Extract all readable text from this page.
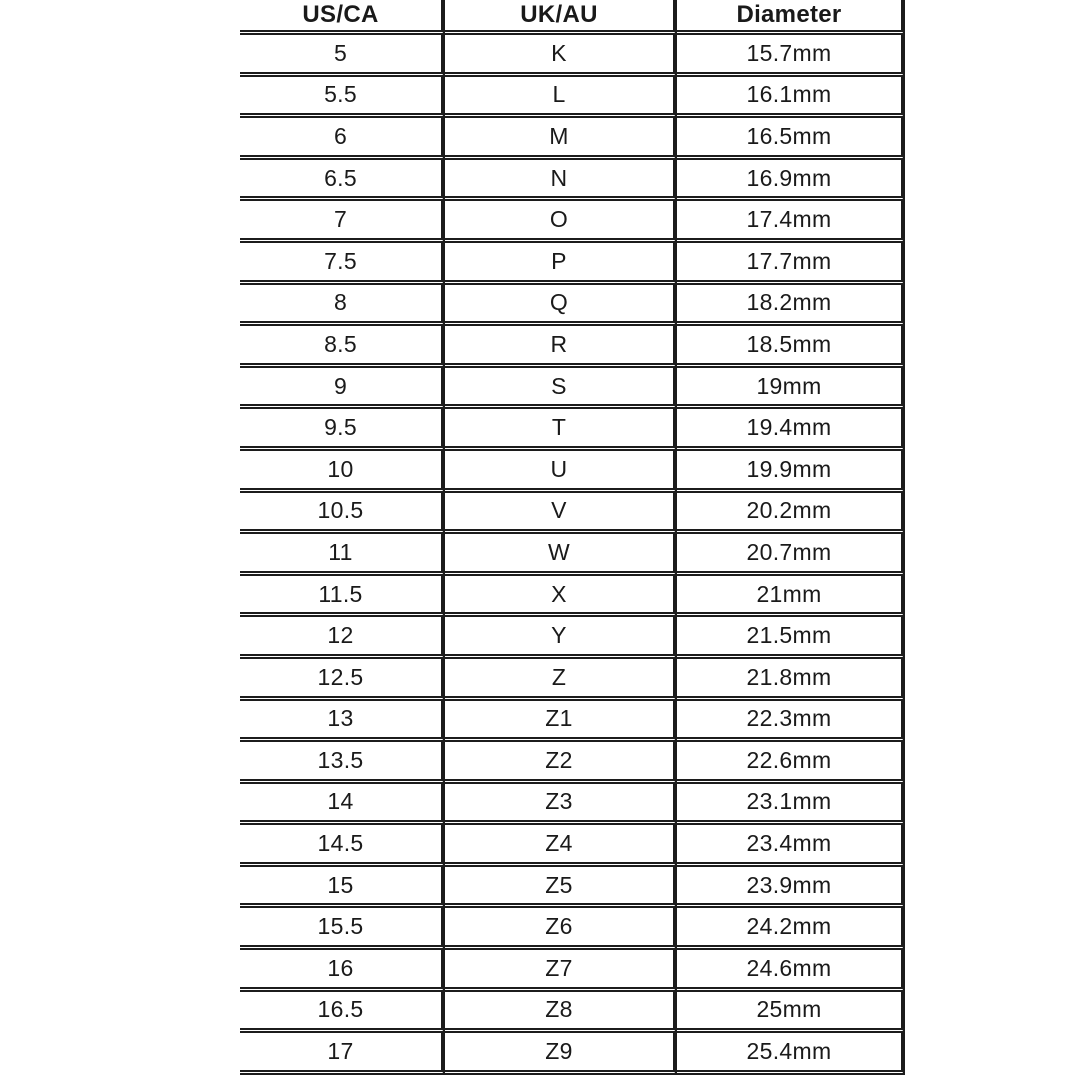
US/CA	UK/AU	Diameter
5	K	15.7mm
5.5	L	16.1mm
6	M	16.5mm
6.5	N	16.9mm
7	O	17.4mm
7.5	P	17.7mm
8	Q	18.2mm
8.5	R	18.5mm
9	S	19mm
9.5	T	19.4mm
10	U	19.9mm
10.5	V	20.2mm
11	W	20.7mm
11.5	X	21mm
12	Y	21.5mm
12.5	Z	21.8mm
13	Z1	22.3mm
13.5	Z2	22.6mm
14	Z3	23.1mm
14.5	Z4	23.4mm
15	Z5	23.9mm
15.5	Z6	24.2mm
16	Z7	24.6mm
16.5	Z8	25mm
17	Z9	25.4mm
